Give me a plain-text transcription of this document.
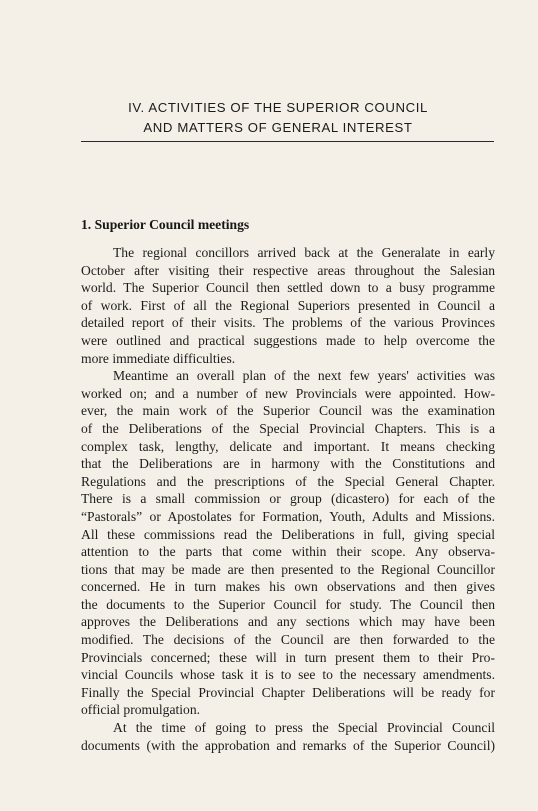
IV. ACTIVITIES OF THE SUPERIOR COUNCIL
AND MATTERS OF GENERAL INTEREST
1. Superior Council meetings
The regional concillors arrived back at the Generalate in early
October after visiting their respective areas throughout the Salesian
world. The Superior Council then settled down to a busy programme
of work. First of all the Regional Superiors presented in Council a
detailed report of their visits. The problems of the various Provinces
were outlined and practical suggestions made to help overcome the
more immediate difficulties.
Meantime an overall plan of the next few years' activities was
worked on; and a number of new Provincials were appointed. How-
ever, the main work of the Superior Council was the examination
of the Deliberations of the Special Provincial Chapters. This is a
complex task, lengthy, delicate and important. It means checking
that the Deliberations are in harmony with the Constitutions and
Regulations and the prescriptions of the Special General Chapter.
There is a small commission or group (dicastero) for each of the
“Pastorals” or Apostolates for Formation, Youth, Adults and Missions.
All these commissions read the Deliberations in full, giving special
attention to the parts that come within their scope. Any observa-
tions that may be made are then presented to the Regional Councillor
concerned. He in turn makes his own observations and then gives
the documents to the Superior Council for study. The Council then
approves the Deliberations and any sections which may have been
modified. The decisions of the Council are then forwarded to the
Provincials concerned; these will in turn present them to their Pro-
vincial Councils whose task it is to see to the necessary amendments.
Finally the Special Provincial Chapter Deliberations will be ready for
official promulgation.
At the time of going to press the Special Provincial Council
documents (with the approbation and remarks of the Superior Council)
